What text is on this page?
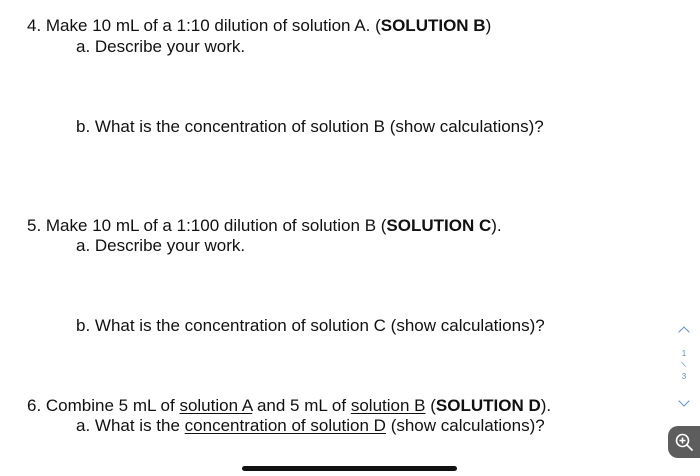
4. Make 10 mL of a 1:10 dilution of solution A. (SOLUTION B)
a. Describe your work.
b. What is the concentration of solution B (show calculations)?
5. Make 10 mL of a 1:100 dilution of solution B (SOLUTION C).
a. Describe your work.
b. What is the concentration of solution C (show calculations)?
6. Combine 5 mL of solution A and 5 mL of solution B (SOLUTION D).
a. What is the concentration of solution D (show calculations)?
1
/
3
